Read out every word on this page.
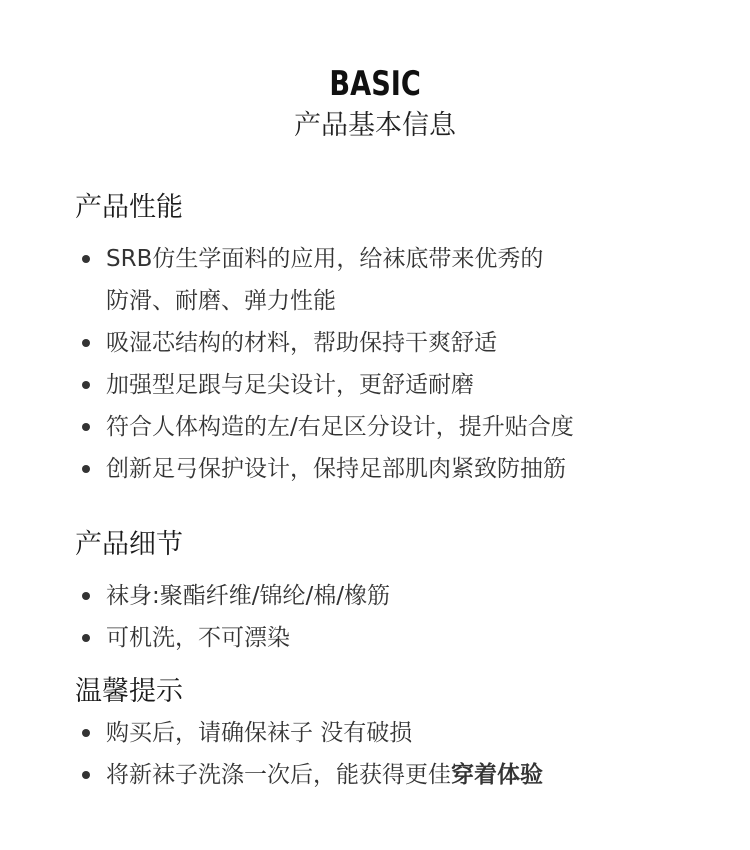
BASIC
产品基本信息
产品性能
SRB仿生学面料的应用，给袜底带来优秀的
防滑、耐磨、弹力性能
吸湿芯结构的材料，帮助保持干爽舒适
加强型足跟与足尖设计，更舒适耐磨
符合人体构造的左/右足区分设计，提升贴合度
创新足弓保护设计，保持足部肌肉紧致防抽筋
产品细节
袜身:聚酯纤维/锦纶/棉/橡筋
可机洗，不可漂染
温馨提示
购买后，请确保袜子 没有破损
将新袜子洗涤一次后，能获得更佳穿着体验
